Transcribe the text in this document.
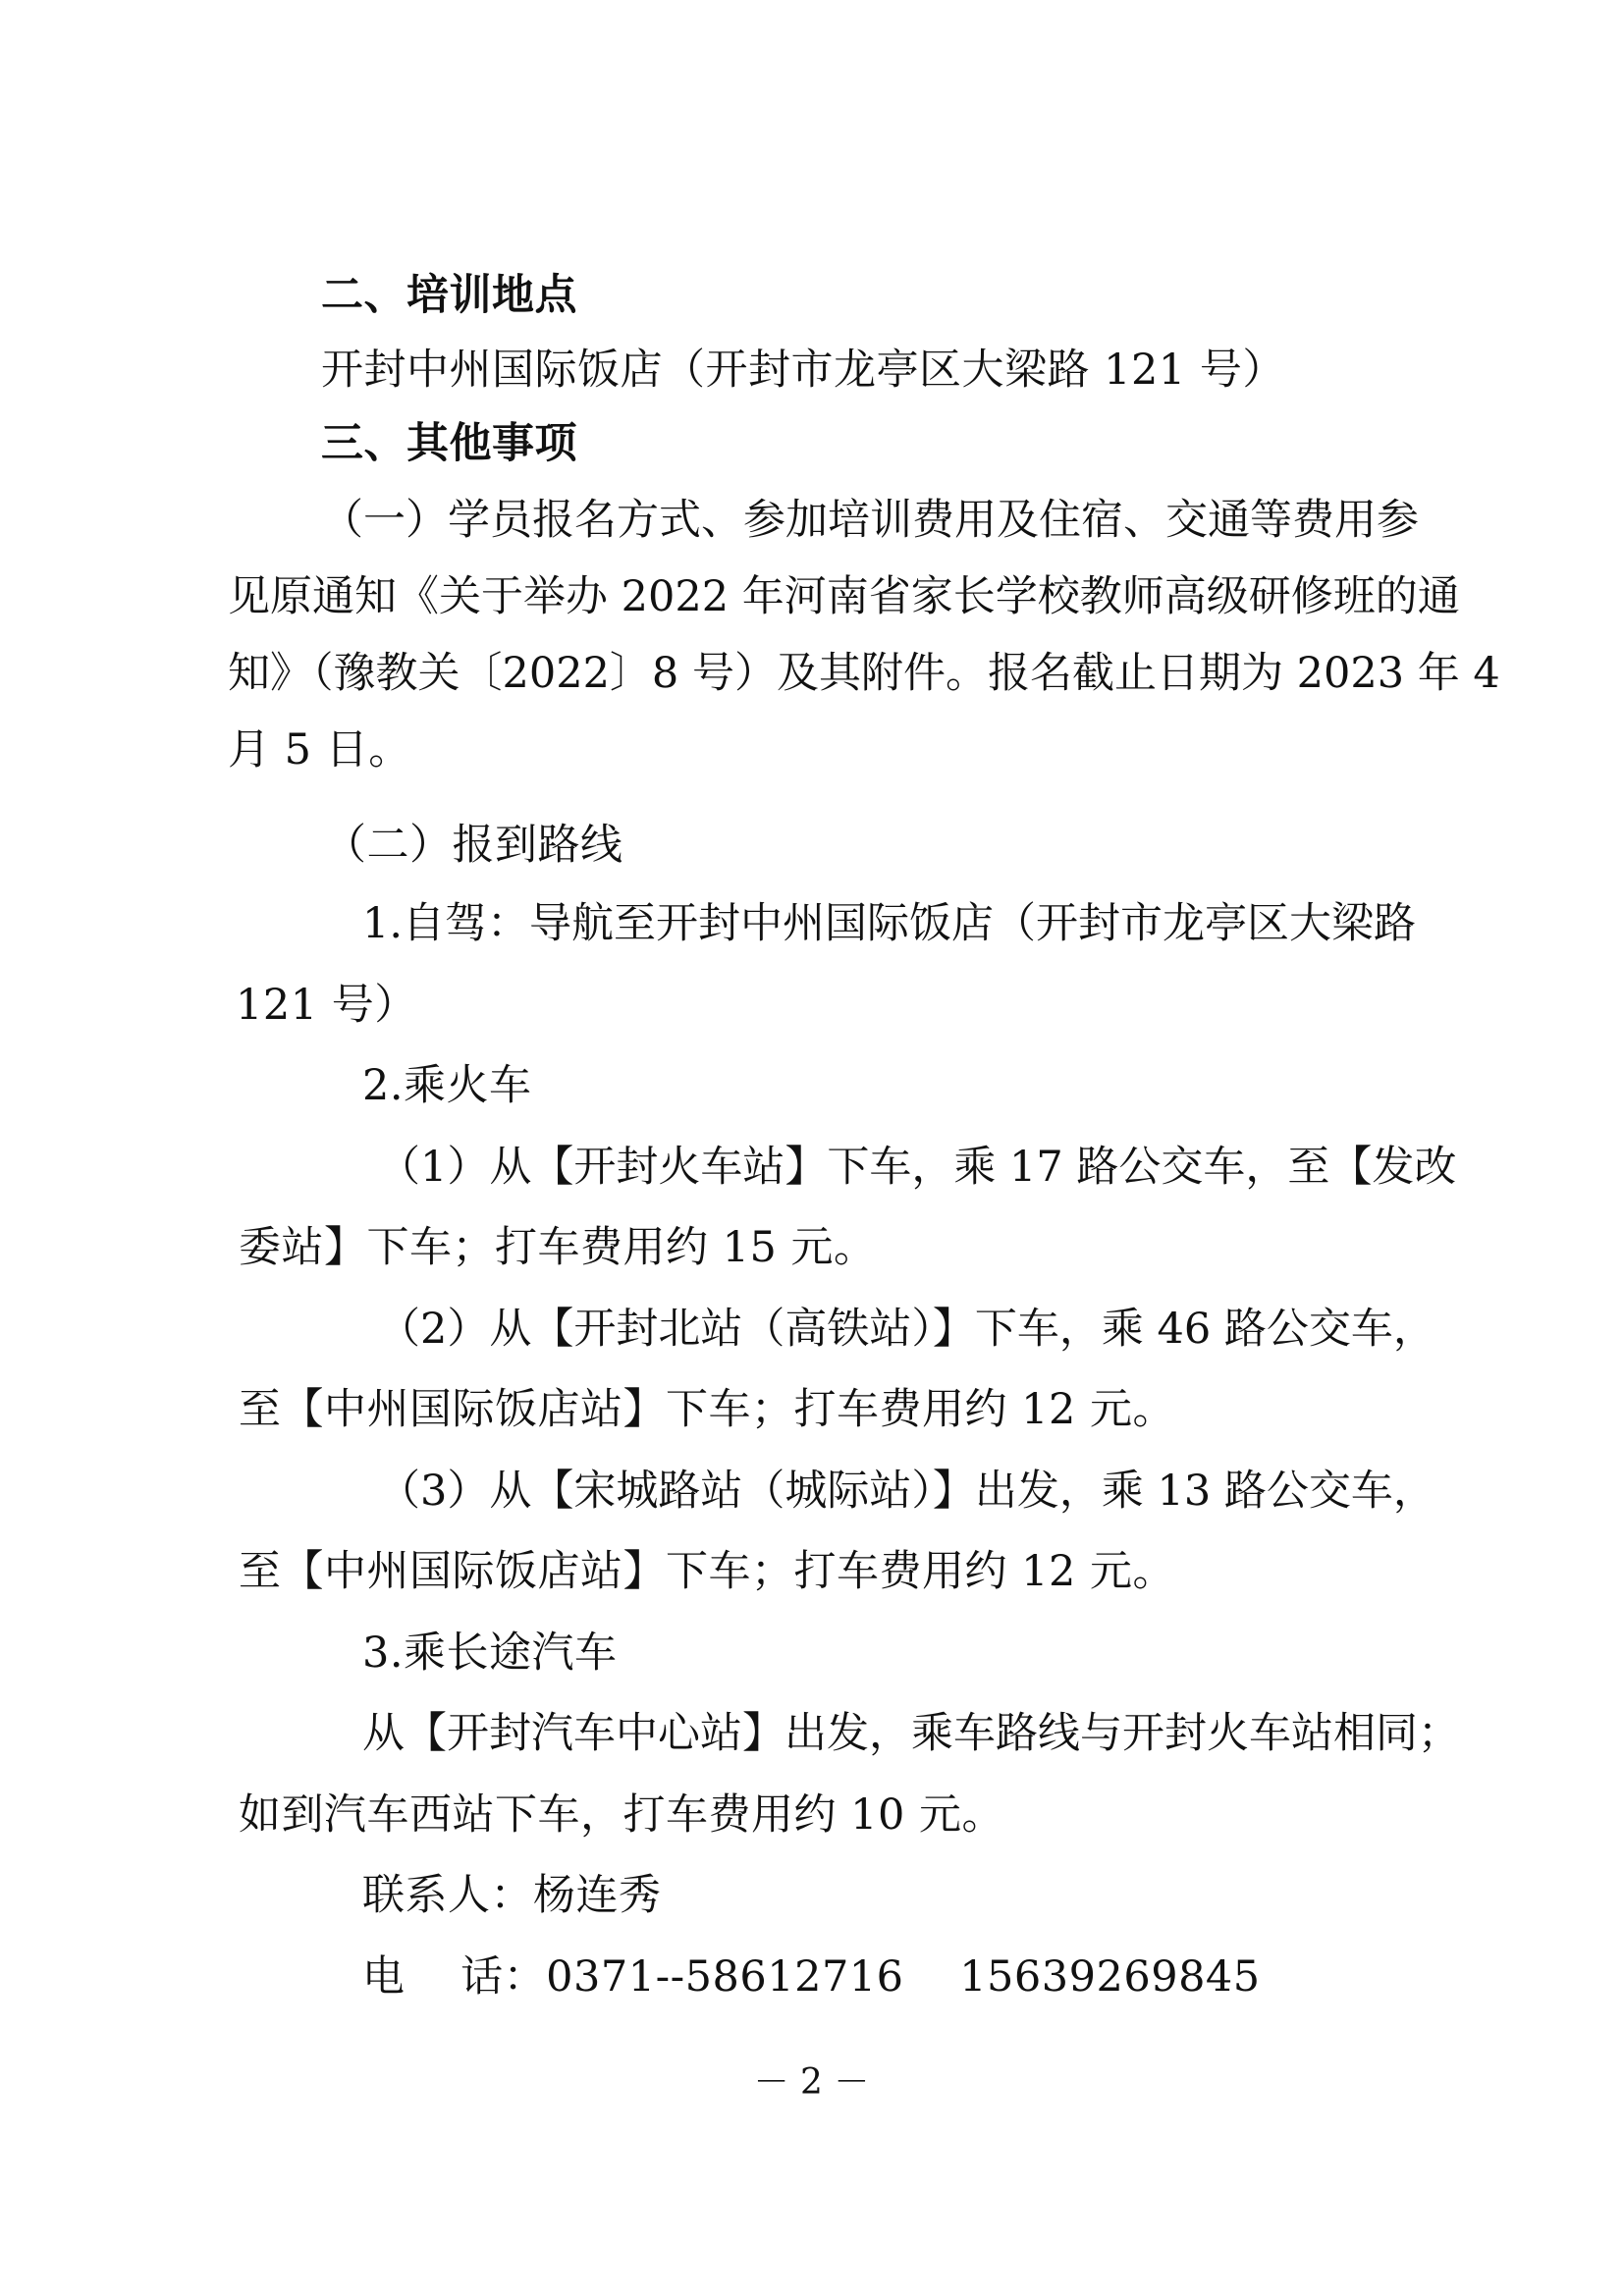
二、培训地点
开封中州国际饭店（开封市龙亭区大梁路 121 号）
三、其他事项
（一）学员报名方式、参加培训费用及住宿、交通等费用参
见原通知《关于举办 2022 年河南省家长学校教师高级研修班的通
知》（豫教关〔2022〕8 号）及其附件。报名截止日期为 2023 年 4
月 5 日。
（二）报到路线
1.自驾：导航至开封中州国际饭店（开封市龙亭区大梁路
121 号）
2.乘火车
（1）从【开封火车站】下车，乘 17 路公交车，至【发改
委站】下车；打车费用约 15 元。
（2）从【开封北站（高铁站）】下车，乘 46 路公交车，
至【中州国际饭店站】下车；打车费用约 12 元。
（3）从【宋城路站（城际站）】出发，乘 13 路公交车，
至【中州国际饭店站】下车；打车费用约 12 元。
3.乘长途汽车
从【开封汽车中心站】出发，乘车路线与开封火车站相同；
如到汽车西站下车，打车费用约 10 元。
联系人：杨连秀
电    话：0371--58612716    15639269845
－ 2 －
